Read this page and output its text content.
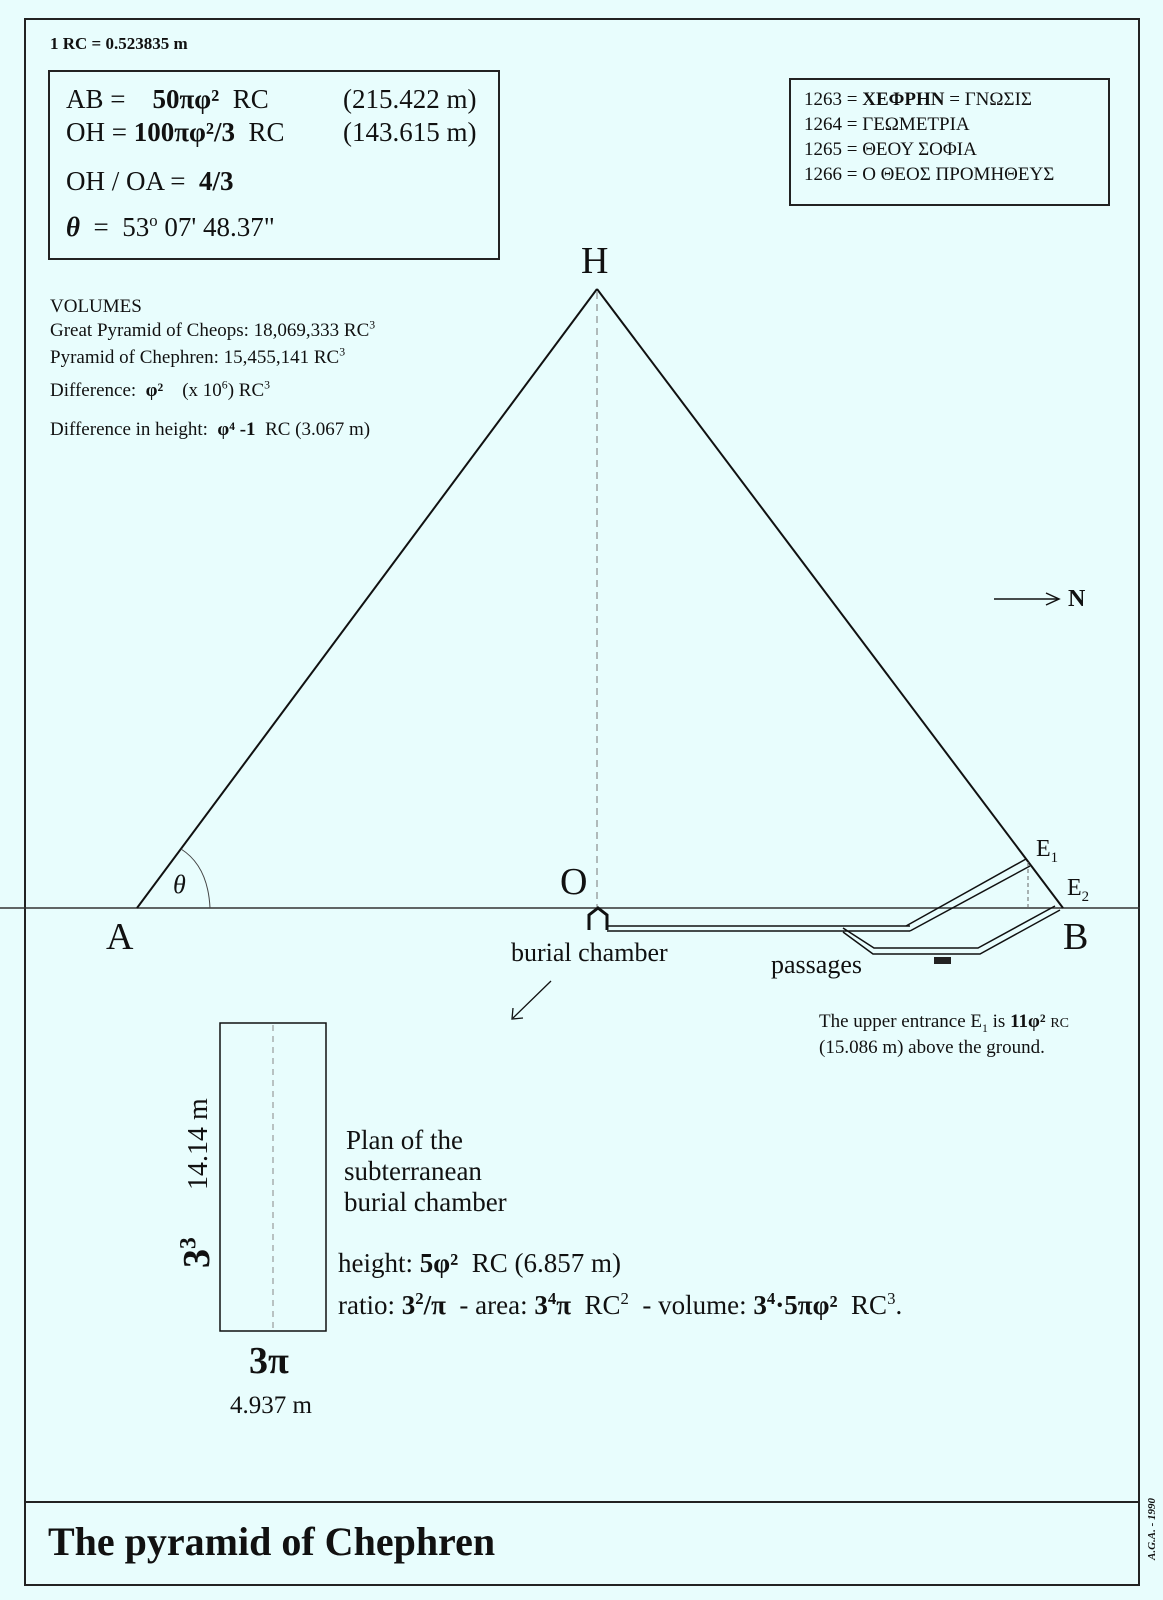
1 RC = 0.523835 m
AB = 50πφ² RC	(215.422 m)
OH = 100πφ²/3 RC (143.615 m)
OH / OA = 4/3
$\theta = 53^o$ 07' 48.37"
1263 = ΧΕΦΡΗΝ = ΓΝΩΣΙΣ
1264 = ΓΕΩΜΕΤΡΙΑ
1265 = ΘΕΟΥ ΣΟΦΙΑ
1266 = Ο ΘΕΟΣ ΠΡΟΜΗΘΕΥΣ
VOLUMES
Great Pyramid of Cheops: 18,069,333 $RC^3$
Pyramid of Chephren: 15,455,141 $RC^3$
Difference: φ² (x $10^6$) $RC^3$
Difference in height: φ⁴ -1 RC (3.067 m)
H
O
A	B
θ
$E_1$
$E_2$
N
burial chamber	passages
The upper entrance $E_1$ is 11φ² RC
(15.086 m) above the ground.
14.14 m
$3^3$
3π
4.937 m
Plan of the
subterranean
burial chamber
height: 5φ² RC (6.857 m)
ratio: $3^2/\pi$ - area: $3^4\pi$ $RC^2$ - volume: $3^4\cdot 5\pi\varphi^2$ $RC^3$.
The pyramid of Chephren	A.G.A. - 1990
